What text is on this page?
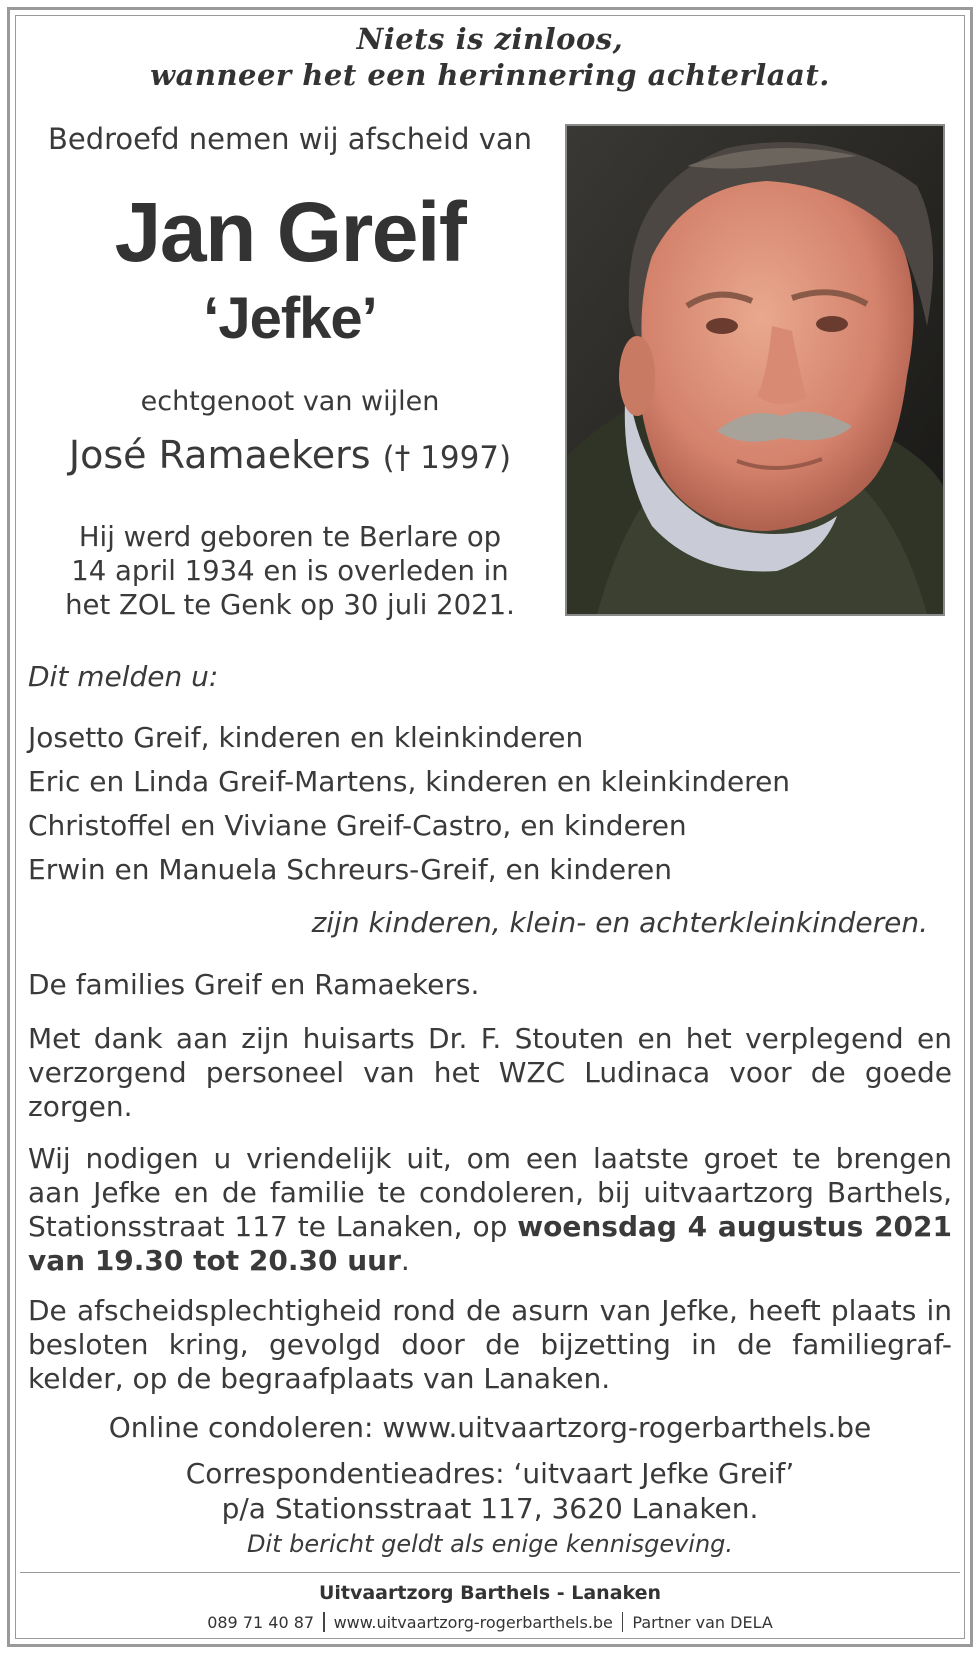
Niets is zinloos,
wanneer het een herinnering achterlaat.
Bedroefd nemen wij afscheid van
Jan Greif
‘Jefke’
echtgenoot van wijlen
José Ramaekers († 1997)
Hij werd geboren te Berlare op
14 april 1934 en is overleden in
het ZOL te Genk op 30 juli 2021.
Dit melden u:
Josetto Greif, kinderen en kleinkinderen
Eric en Linda Greif-Martens, kinderen en kleinkinderen
Christoffel en Viviane Greif-Castro, en kinderen
Erwin en Manuela Schreurs-Greif, en kinderen
zijn kinderen, klein- en achterkleinkinderen.
De families Greif en Ramaekers.
Met dank aan zijn huisarts Dr. F. Stouten en het verplegend en verzorgend personeel van het WZC Ludinaca voor de goede zorgen.
Wij nodigen u vriendelijk uit, om een laatste groet te brengen aan Jefke en de familie te condoleren, bij uitvaartzorg Barthels, Stationsstraat 117 te Lanaken, op woensdag 4 augustus 2021 van 19.30 tot 20.30 uur.
De afscheidsplechtigheid rond de asurn van Jefke, heeft plaats in besloten kring, gevolgd door de bijzetting in de familiegraf-kelder, op de begraafplaats van Lanaken.
Online condoleren: www.uitvaartzorg-rogerbarthels.be
Correspondentieadres: ‘uitvaart Jefke Greif’
p/a Stationsstraat 117, 3620 Lanaken.
Dit bericht geldt als enige kennisgeving.
Uitvaartzorg Barthels - Lanaken
089 71 40 87 www.uitvaartzorg-rogerbarthels.be Partner van DELA
